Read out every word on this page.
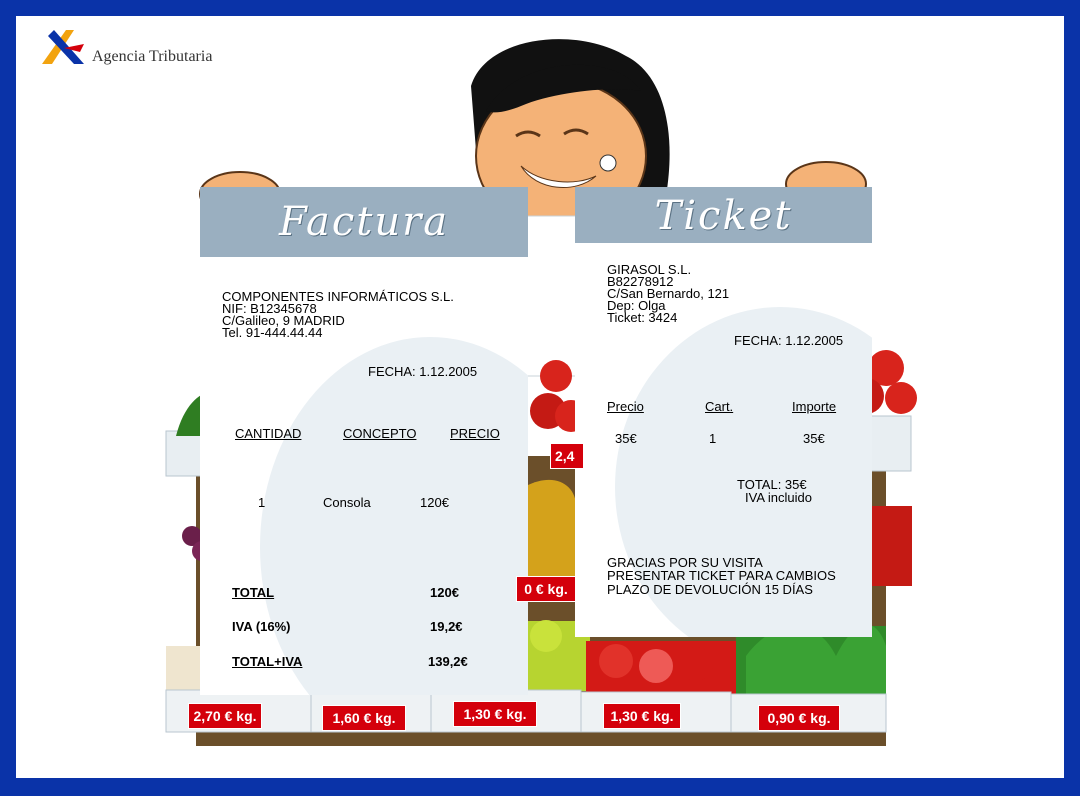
Agencia Tributaria
Factura
COMPONENTES INFORMÁTICOS S.L.
NIF: B12345678
C/Galileo, 9 MADRID
Tel. 91-444.44.44
FECHA: 1.12.2005
CANTIDAD	CONCEPTO	PRECIO
1	Consola	120€
TOTAL	120€
IVA (16%)	19,2€
TOTAL+IVA	139,2€
Ticket
GIRASOL S.L.
B82278912
C/San Bernardo, 121
Dep: Olga
Ticket: 3424
FECHA: 1.12.2005
Precio	Cart.	Importe
35€	1	35€
TOTAL: 35€
IVA incluido
GRACIAS POR SU VISITA
PRESENTAR TICKET PARA CAMBIOS
PLAZO DE DEVOLUCIÓN 15 DÍAS
2,4
0 € kg.
2,70 € kg.	1,60 € kg.	1,30 € kg.	1,30 € kg.	0,90 € kg.
